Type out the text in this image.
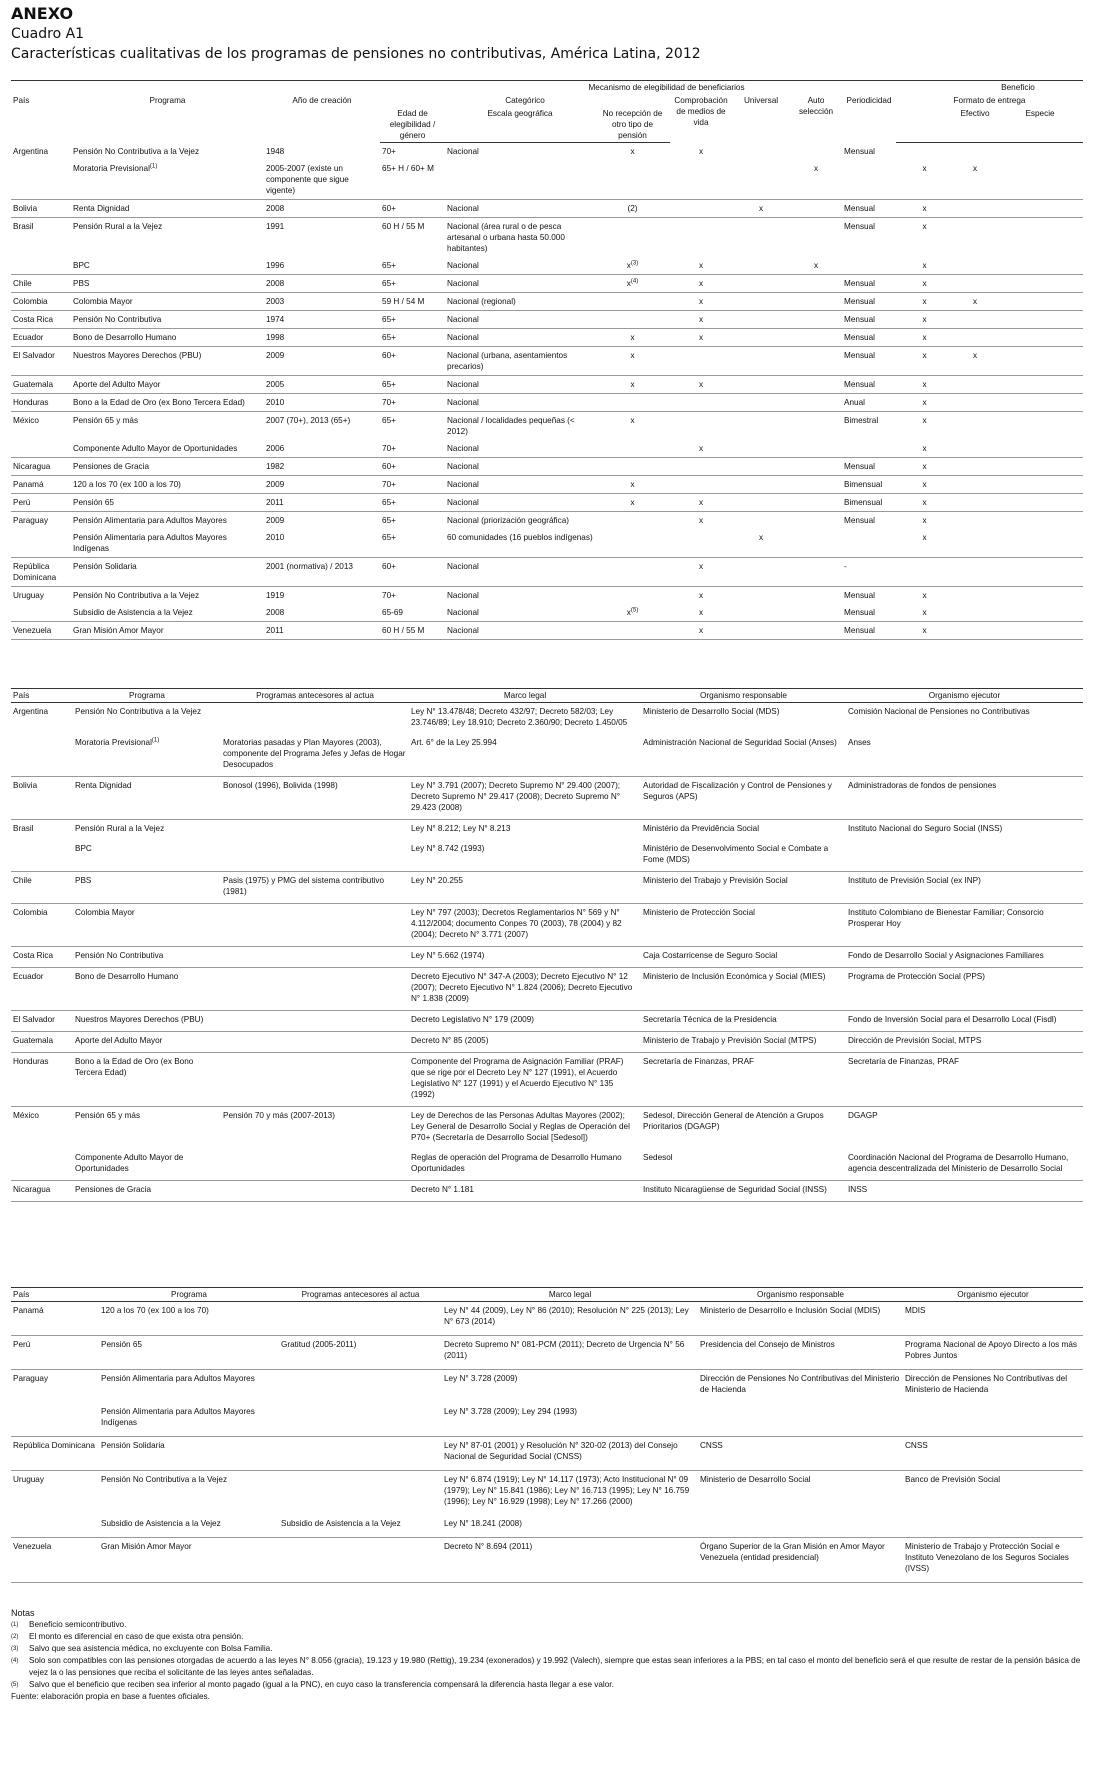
ANEXO
Cuadro A1
Características cualitativas de los programas de pensiones no contributivas, América Latina, 2012
			Mecanismo de elegibilidad de beneficiarios								Beneficio	
País	Programa	Año de creación	Categórico			Comprobación de medios de vida	Universal	Auto selección	Periodicidad	Formato de entrega		
			Edad de elegibilidad / género	Escala geográfica	No recepción de otro tipo de pensión						Efectivo	Especie
Argentina	Pensión No Contributiva a la Vejez	1948	70+	Nacional	x	x			Mensual			
	Moratoria Previsional$^{(1)}$	2005-2007 (existe un componente que sigue vigente)	65+ H / 60+ M					x		x	x	
Bolivia	Renta Dignidad	2008	60+	Nacional	(2)		x		Mensual	x		
Brasil	Pensión Rural a la Vejez	1991	60 H / 55 M	Nacional (área rural o de pesca artesanal o urbana hasta 50.000 habitantes)					Mensual	x		
	BPC	1996	65+	Nacional	$x^{(3)}$	x		x		x		
Chile	PBS	2008	65+	Nacional	$x^{(4)}$	x			Mensual	x		
Colombia	Colombia Mayor	2003	59 H / 54 M	Nacional (regional)		x			Mensual	x	x	
Costa Rica	Pensión No Contributiva	1974	65+	Nacional		x			Mensual	x		
Ecuador	Bono de Desarrollo Humano	1998	65+	Nacional	x	x			Mensual	x		
El Salvador	Nuestros Mayores Derechos (PBU)	2009	60+	Nacional (urbana, asentamientos precarios)	x				Mensual	x	x	
Guatemala	Aporte del Adulto Mayor	2005	65+	Nacional	x	x			Mensual	x		
Honduras	Bono a la Edad de Oro (ex Bono Tercera Edad)	2010	70+	Nacional					Anual	x		
México	Pensión 65 y más	2007 (70+), 2013 (65+)	65+	Nacional / localidades pequeñas (< 2012)	x				Bimestral	x		
	Componente Adulto Mayor de Oportunidades	2006	70+	Nacional		x				x		
Nicaragua	Pensiones de Gracia	1982	60+	Nacional					Mensual	x		
Panamá	120 a los 70 (ex 100 a los 70)	2009	70+	Nacional	x				Bimensual	x		
Perú	Pensión 65	2011	65+	Nacional	x	x			Bimensual	x		
Paraguay	Pensión Alimentaria para Adultos Mayores	2009	65+	Nacional (priorización geográfica)		x			Mensual	x		
	Pensión Alimentaria para Adultos Mayores Indígenas	2010	65+	60 comunidades (16 pueblos indígenas)			x			x		
República Dominicana	Pensión Solidaria	2001 (normativa) / 2013	60+	Nacional		x			-			
Uruguay	Pensión No Contributiva a la Vejez	1919	70+	Nacional		x			Mensual	x		
	Subsidio de Asistencia a la Vejez	2008	65-69	Nacional	$x^{(5)}$	x			Mensual	x		
Venezuela	Gran Misión Amor Mayor	2011	60 H / 55 M	Nacional		x			Mensual	x		
País	Programa	Programas antecesores al actua	Marco legal	Organismo responsable	Organismo ejecutor
Argentina	Pensión No Contributiva a la Vejez		Ley N° 13.478/48; Decreto 432/97; Decreto 582/03; Ley 23.746/89; Ley 18.910; Decreto 2.360/90; Decreto 1.450/05	Ministerio de Desarrollo Social (MDS)	Comisión Nacional de Pensiones no Contributivas
	Moratoria Previsional$^{(1)}$	Moratorias pasadas y Plan Mayores (2003), componente del Programa Jefes y Jefas de Hogar Desocupados	Art. 6° de la Ley 25.994	Administración Nacional de Seguridad Social (Anses)	Anses
Bolivia	Renta Dignidad	Bonosol (1996), Bolivida (1998)	Ley N° 3.791 (2007); Decreto Supremo N° 29.400 (2007); Decreto Supremo N° 29.417 (2008); Decreto Supremo N° 29.423 (2008)	Autoridad de Fiscalización y Control de Pensiones y Seguros (APS)	Administradoras de fondos de pensiones
Brasil	Pensión Rural a la Vejez		Ley N° 8.212; Ley N° 8.213	Ministério da Previdência Social	Instituto Nacional do Seguro Social (INSS)
	BPC		Ley N° 8.742 (1993)	Ministério de Desenvolvimento Social e Combate a Fome (MDS)	
Chile	PBS	Pasis (1975) y PMG del sistema contributivo (1981)	Ley N° 20.255	Ministerio del Trabajo y Previsión Social	Instituto de Previsión Social (ex INP)
Colombia	Colombia Mayor		Ley N° 797 (2003); Decretos Reglamentarios N° 569 y N° 4.112/2004; documento Conpes 70 (2003), 78 (2004) y 82 (2004); Decreto N° 3.771 (2007)	Ministerio de Protección Social	Instituto Colombiano de Bienestar Familiar; Consorcio Prosperar Hoy
Costa Rica	Pensión No Contributiva		Ley N° 5.662 (1974)	Caja Costarricense de Seguro Social	Fondo de Desarrollo Social y Asignaciones Familiares
Ecuador	Bono de Desarrollo Humano		Decreto Ejecutivo N° 347-A (2003); Decreto Ejecutivo N° 12 (2007); Decreto Ejecutivo N° 1.824 (2006); Decreto Ejecutivo N° 1.838 (2009)	Ministerio de Inclusión Económica y Social (MIES)	Programa de Protección Social (PPS)
El Salvador	Nuestros Mayores Derechos (PBU)		Decreto Legislativo N° 179 (2009)	Secretaría Técnica de la Presidencia	Fondo de Inversión Social para el Desarrollo Local (Fisdl)
Guatemala	Aporte del Adulto Mayor		Decreto N° 85 (2005)	Ministerio de Trabajo y Previsión Social (MTPS)	Dirección de Previsión Social, MTPS
Honduras	Bono a la Edad de Oro (ex Bono Tercera Edad)		Componente del Programa de Asignación Familiar (PRAF) que se rige por el Decreto Ley N° 127 (1991), el Acuerdo Legislativo N° 127 (1991) y el Acuerdo Ejecutivo N° 135 (1992)	Secretaría de Finanzas, PRAF	Secretaría de Finanzas, PRAF
México	Pensión 65 y más	Pensión 70 y más (2007-2013)	Ley de Derechos de las Personas Adultas Mayores (2002); Ley General de Desarrollo Social y Reglas de Operación del P70+ (Secretaría de Desarrollo Social [Sedesol])	Sedesol, Dirección General de Atención a Grupos Prioritarios (DGAGP)	DGAGP
	Componente Adulto Mayor de Oportunidades		Reglas de operación del Programa de Desarrollo Humano Oportunidades	Sedesol	Coordinación Nacional del Programa de Desarrollo Humano, agencia descentralizada del Ministerio de Desarrollo Social
Nicaragua	Pensiones de Gracia		Decreto N° 1.181	Instituto Nicaragüense de Seguridad Social (INSS)	INSS
País	Programa	Programas antecesores al actua	Marco legal	Organismo responsable	Organismo ejecutor
Panamá	120 a los 70 (ex 100 a los 70)		Ley N° 44 (2009), Ley N° 86 (2010); Resolución N° 225 (2013); Ley N° 673 (2014)	Ministerio de Desarrollo e Inclusión Social (MDIS)	MDIS
Perú	Pensión 65	Gratitud (2005-2011)	Decreto Supremo N° 081-PCM (2011); Decreto de Urgencia N° 56 (2011)	Presidencia del Consejo de Ministros	Programa Nacional de Apoyo Directo a los más Pobres Juntos
Paraguay	Pensión Alimentaria para Adultos Mayores		Ley N° 3.728 (2009)	Dirección de Pensiones No Contributivas del Ministerio de Hacienda	Dirección de Pensiones No Contributivas del Ministerio de Hacienda
	Pensión Alimentaria para Adultos Mayores Indígenas		Ley N° 3.728 (2009); Ley 294 (1993)		
República Dominicana	Pensión Solidaria		Ley N° 87-01 (2001) y Resolución N° 320-02 (2013) del Consejo Nacional de Seguridad Social (CNSS)	CNSS	CNSS
Uruguay	Pensión No Contributiva a la Vejez		Ley N° 6.874 (1919); Ley N° 14.117 (1973); Acto Institucional N° 09 (1979); Ley N° 15.841 (1986); Ley N° 16.713 (1995); Ley N° 16.759 (1996); Ley N° 16.929 (1998); Ley N° 17.266 (2000)	Ministerio de Desarrollo Social	Banco de Previsión Social
	Subsidio de Asistencia a la Vejez	Subsidio de Asistencia a la Vejez	Ley N° 18.241 (2008)		
Venezuela	Gran Misión Amor Mayor		Decreto N° 8.694 (2011)	Órgano Superior de la Gran Misión en Amor Mayor Venezuela (entidad presidencial)	Ministerio de Trabajo y Protección Social e Instituto Venezolano de los Seguros Sociales (IVSS)
Notas
(1)	Beneficio semicontributivo.
(2)	El monto es diferencial en caso de que exista otra pensión.
(3)	Salvo que sea asistencia médica, no excluyente con Bolsa Familia.
(4)	Solo son compatibles con las pensiones otorgadas de acuerdo a las leyes N° 8.056 (gracia), 19.123 y 19.980 (Rettig), 19.234 (exonerados) y 19.992 (Valech), siempre que estas sean inferiores a la PBS; en tal caso el monto del beneficio será el que resulte de restar de la pensión básica de vejez la o las pensiones que reciba el solicitante de las leyes antes señaladas.
(5)	Salvo que el beneficio que reciben sea inferior al monto pagado (igual a la PNC), en cuyo caso la transferencia compensará la diferencia hasta llegar a ese valor.
Fuente: elaboración propia en base a fuentes oficiales.
